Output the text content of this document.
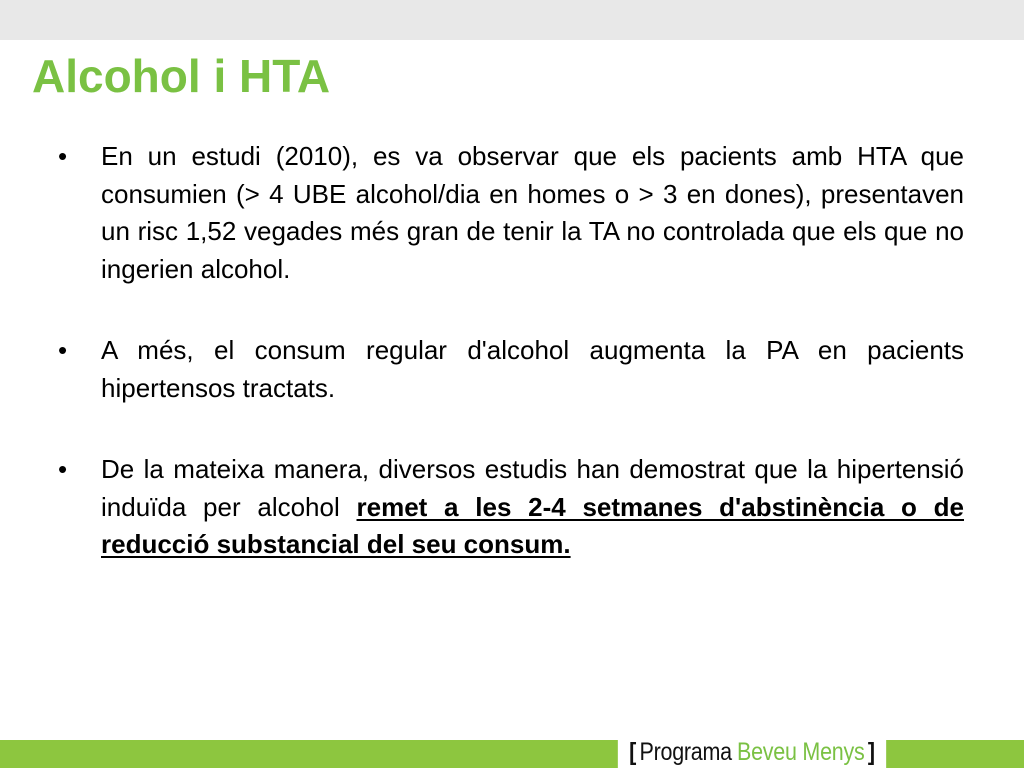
Alcohol i HTA
•	En un estudi (2010), es va observar que els pacients amb HTA que consumien (> 4 UBE alcohol/dia en homes o > 3 en dones), presentaven un risc 1,52 vegades més gran de tenir la TA no controlada que els que no ingerien alcohol.
•	A més, el consum regular d'alcohol augmenta la PA en pacients hipertensos tractats.
•	De la mateixa manera, diversos estudis han demostrat que la hipertensió induïda per alcohol remet a les 2-4 setmanes d'abstinència o de reducció substancial del seu consum.
[ Programa Beveu Menys ]
